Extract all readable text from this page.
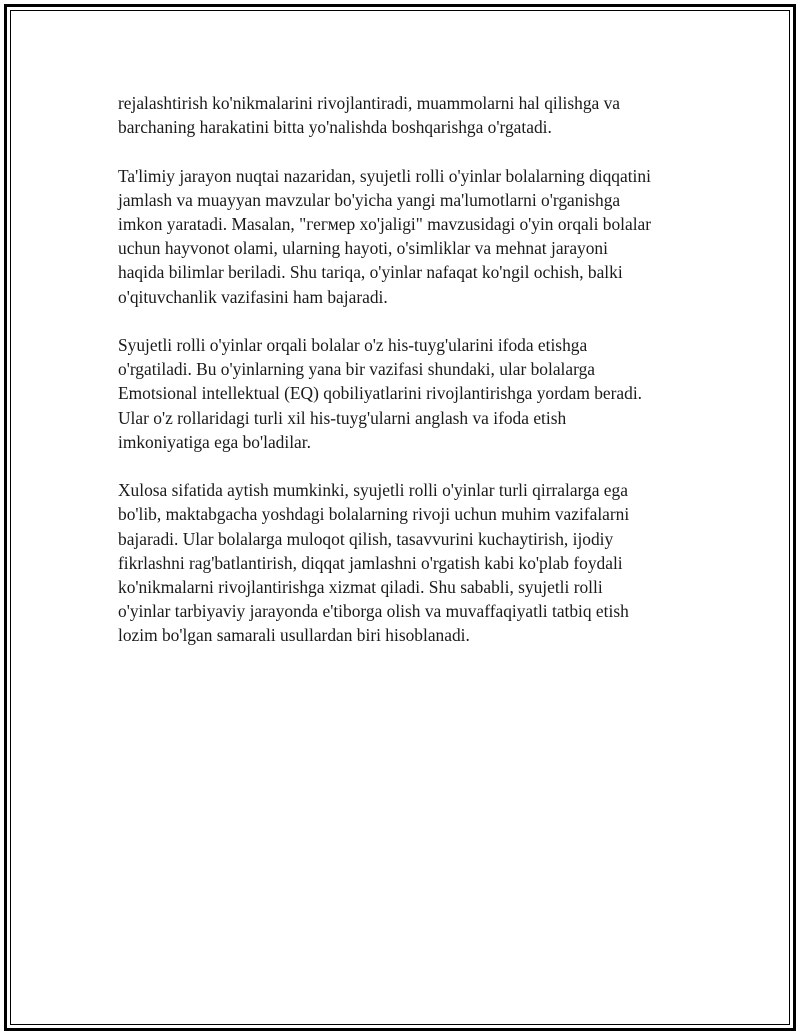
rejalashtirish ko'nikmalarini rivojlantiradi, muammolarni hal qilishga va
barchaning harakatini bitta yo'nalishda boshqarishga o'rgatadi.

Ta'limiy jarayon nuqtai nazaridan, syujetli rolli o'yinlar bolalarning diqqatini
jamlash va muayyan mavzular bo'yicha yangi ma'lumotlarni o'rganishga
imkon yaratadi. Masalan, "гегмер xo'jaligi" mavzusidagi o'yin orqali bolalar
uchun hayvonot olami, ularning hayoti, o'simliklar va mehnat jarayoni
haqida bilimlar beriladi. Shu tariqa, o'yinlar nafaqat ko'ngil ochish, balki
o'qituvchanlik vazifasini ham bajaradi.

Syujetli rolli o'yinlar orqali bolalar o'z his-tuyg'ularini ifoda etishga
o'rgatiladi. Bu o'yinlarning yana bir vazifasi shundaki, ular bolalarga
Emotsional intellektual (EQ) qobiliyatlarini rivojlantirishga yordam beradi.
Ular o'z rollaridagi turli xil his-tuyg'ularni anglash va ifoda etish
imkoniyatiga ega bo'ladilar.

Xulosa sifatida aytish mumkinki, syujetli rolli o'yinlar turli qirralarga ega
bo'lib, maktabgacha yoshdagi bolalarning rivoji uchun muhim vazifalarni
bajaradi. Ular bolalarga muloqot qilish, tasavvurini kuchaytirish, ijodiy
fikrlashni rag'batlantirish, diqqat jamlashni o'rgatish kabi ko'plab foydali
ko'nikmalarni rivojlantirishga xizmat qiladi. Shu sababli, syujetli rolli
o'yinlar tarbiyaviy jarayonda e'tiborga olish va muvaffaqiyatli tatbiq etish
lozim bo'lgan samarali usullardan biri hisoblanadi.
